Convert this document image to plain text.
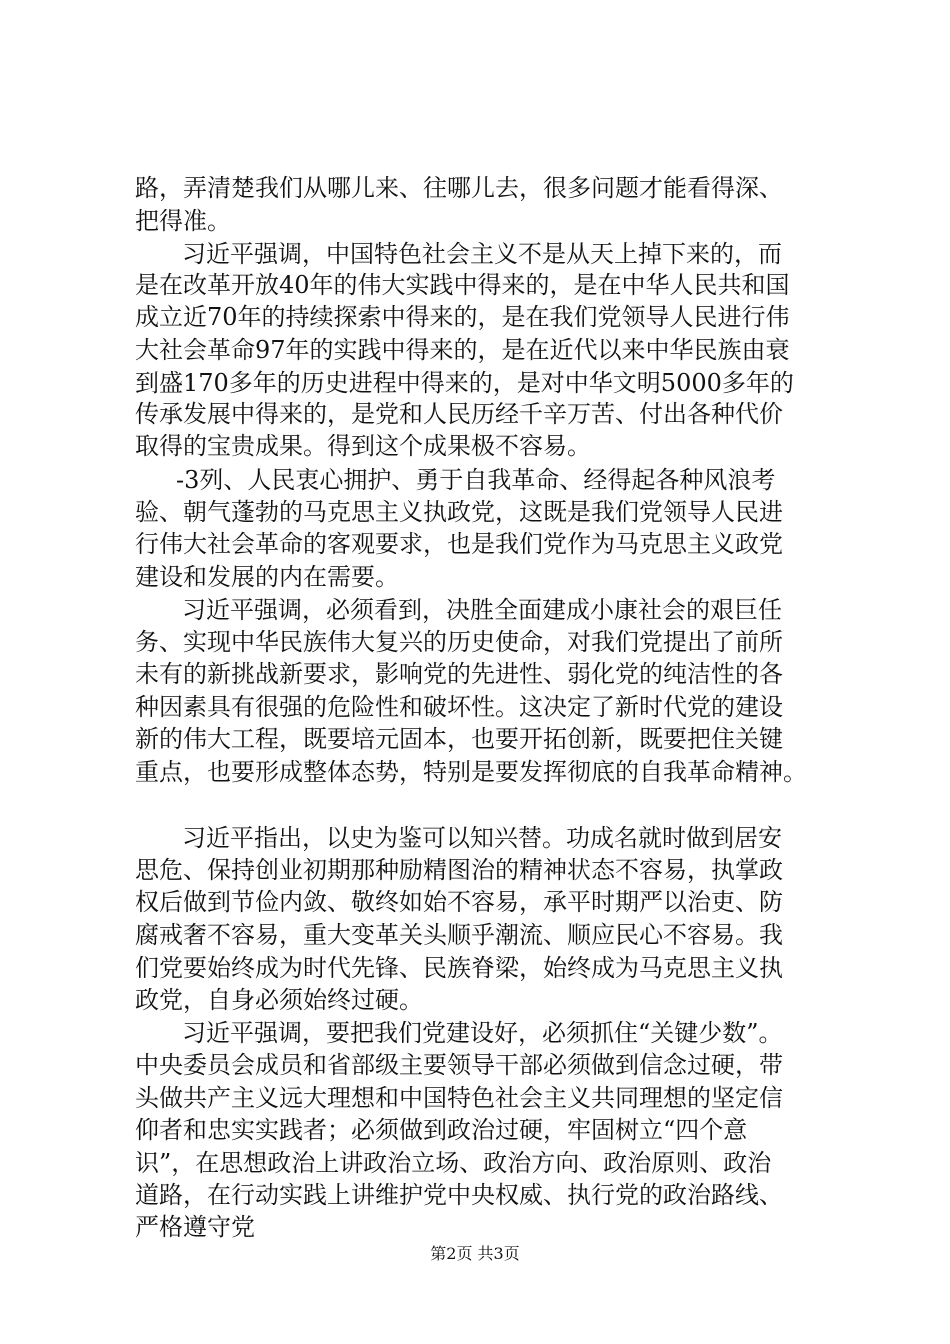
路，弄清楚我们从哪儿来、往哪儿去，很多问题才能看得深、

把得准。

习近平强调，中国特色社会主义不是从天上掉下来的，而

是在改革开放40年的伟大实践中得来的，是在中华人民共和国

成立近70年的持续探索中得来的，是在我们党领导人民进行伟

大社会革命97年的实践中得来的，是在近代以来中华民族由衰

到盛170多年的历史进程中得来的，是对中华文明5000多年的

传承发展中得来的，是党和人民历经千辛万苦、付出各种代价

取得的宝贵成果。得到这个成果极不容易。

-3列、人民衷心拥护、勇于自我革命、经得起各种风浪考

验、朝气蓬勃的马克思主义执政党，这既是我们党领导人民进

行伟大社会革命的客观要求，也是我们党作为马克思主义政党

建设和发展的内在需要。

习近平强调，必须看到，决胜全面建成小康社会的艰巨任

务、实现中华民族伟大复兴的历史使命，对我们党提出了前所

未有的新挑战新要求，影响党的先进性、弱化党的纯洁性的各

种因素具有很强的危险性和破坏性。这决定了新时代党的建设

新的伟大工程，既要培元固本，也要开拓创新，既要把住关键

重点，也要形成整体态势，特别是要发挥彻底的自我革命精神。

习近平指出，以史为鉴可以知兴替。功成名就时做到居安

思危、保持创业初期那种励精图治的精神状态不容易，执掌政

权后做到节俭内敛、敬终如始不容易，承平时期严以治吏、防

腐戒奢不容易，重大变革关头顺乎潮流、顺应民心不容易。我

们党要始终成为时代先锋、民族脊梁，始终成为马克思主义执

政党，自身必须始终过硬。

习近平强调，要把我们党建设好，必须抓住“关键少数”。

中央委员会成员和省部级主要领导干部必须做到信念过硬，带

头做共产主义远大理想和中国特色社会主义共同理想的坚定信

仰者和忠实实践者；必须做到政治过硬，牢固树立“四个意

识”，在思想政治上讲政治立场、政治方向、政治原则、政治

道路，在行动实践上讲维护党中央权威、执行党的政治路线、

严格遵守党

第2页 共3页
